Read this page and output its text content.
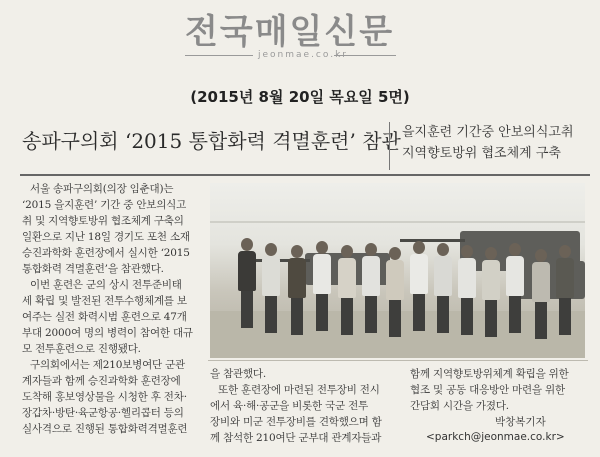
전국매일신문
jeonmae.co.kr
(2015년 8월 20일 목요일 5면)
송파구의회 ‘2015 통합화력 격멸훈련’ 참관 을지훈련 기간중 안보의식고취
지역향토방위 협조체계 구축

서울 송파구의회(의장 임춘대)는

‘2015 을지훈련’ 기간 중 안보의식고

취 및 지역향토방위 협조체계 구축의

일환으로 지난 18일 경기도 포천 소재

승진과학화 훈련장에서 실시한 ‘2015

통합화력 격멸훈련’을 참관했다.

이번 훈련은 군의 상시 전투준비태

세 확립 및 발전된 전투수행체계를 보

여주는 실전 화력시범 훈련으로 47개

부대 2000여 명의 병력이 참여한 대규

모 전투훈련으로 진행됐다.

구의회에서는 제210보병여단 군관

계자들과 함께 승진과학화 훈련장에

도착해 홍보영상물을 시청한 후 전차·

장갑차·방탄·육군항공·헬리콥터 등의

실사격으로 진행된 통합화력격멸훈련

을 참관했다.

또한 훈련장에 마련된 전투장비 전시

에서 육·해·공군을 비롯한 국군 전투

장비와 미군 전투장비를 견학했으며 함

께 참석한 210여단 군부대 관계자들과

함께 지역향토방위체계 확립을 위한

협조 및 공동 대응방안 마련을 위한

간담회 시간을 가졌다.

박창복기자
<parkch@jeonmae.co.kr>
